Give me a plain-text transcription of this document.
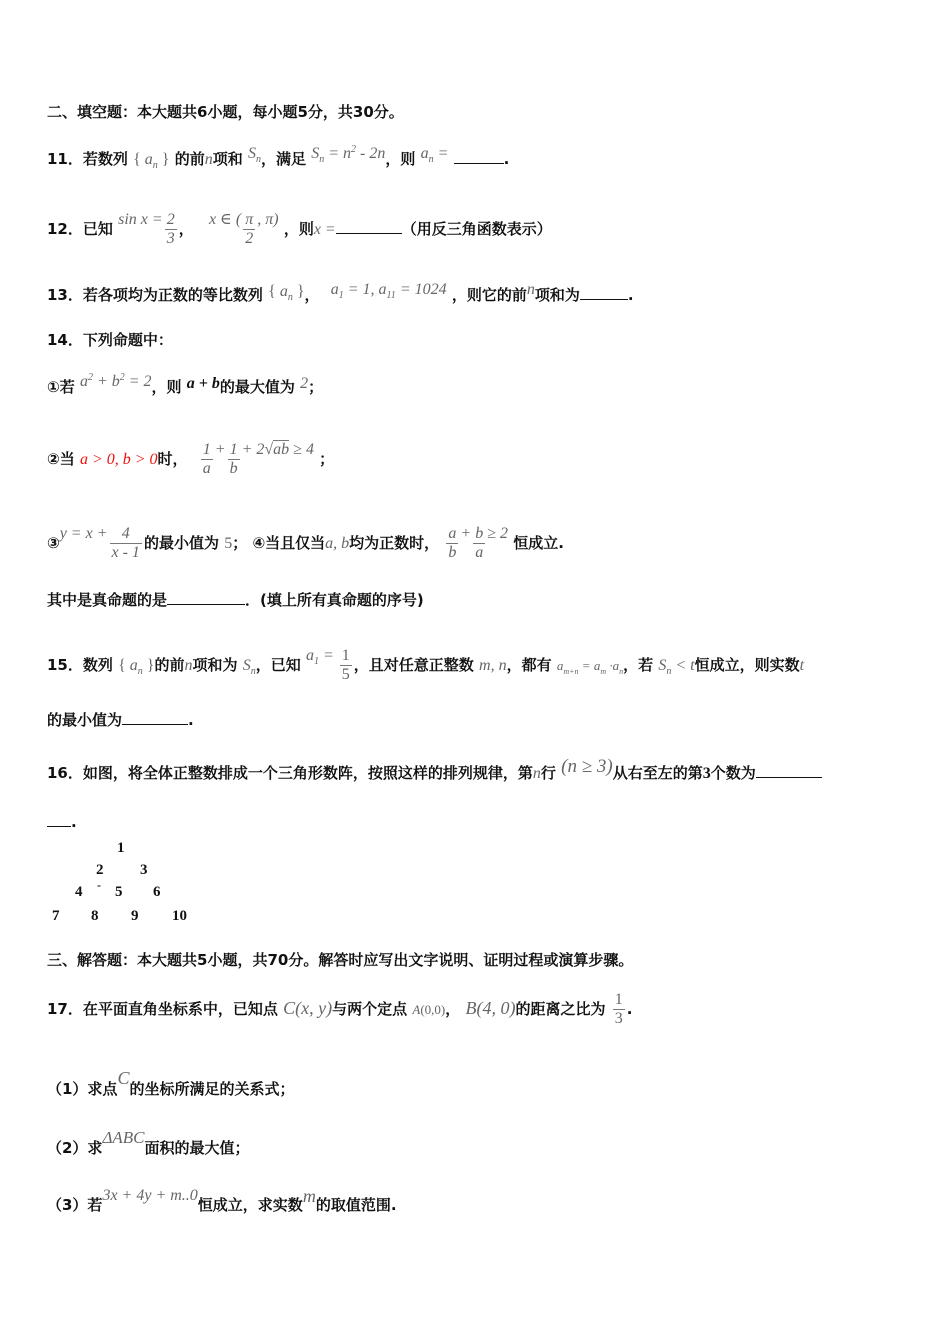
二、填空题：本大题共6小题，每小题5分，共30分。
11．若数列 { $a_n$ } 的前n项和 $S_n$，满足 $S_n = n^2 - 2n$，则 $a_n$ =	.
12．已知 $\sin x = \frac{2}{3}$ ， x ∈ ( $\frac{\pi}{2}$ , π) ，则x =	（用反三角函数表示）
13．若各项均为正数的等比数列 { $a_n$ }， $a_1 = 1$, $a_{11} = 1024$ ，则它的前n项和为	.
14．下列命题中：
①若 $a^2 + b^2 = 2$，则 a + b的最大值为 2；
②当 a > 0, b > 0时， $\frac{1}{a} + \frac{1}{b} + 2√ab \ge 4$ ；
③y = $x + \frac{4}{x - 1}$ 的最小值为 5； ④当且仅当a, b均为正数时， $\frac{a}{b} + \frac{b}{a} \ge 2$ 恒成立.
其中是真命题的是	．(填上所有真命题的序号)
15．数列 { $a_n$ }的前n项和为 $S_n$，已知 $a_1 = \frac{1}{5}$ ，且对任意正整数 m, n，都有 $a_{m+n} = a_m \cdot a_n$，若 $S_n < t$恒成立，则实数t
的最小值为	.
16．如图，将全体正整数排成一个三角形数阵，按照这样的排列规律，第n行 (n ≥ 3)从右至左的第3个数为
.
1
2 3
4 - 5 6
7 8 9 10
三、解答题：本大题共5小题，共70分。解答时应写出文字说明、证明过程或演算步骤。
17．在平面直角坐标系中，已知点 C(x, y)与两个定点 A(0,0)， B(4, 0)的距离之比为 $\frac{1}{3}$ .
（1）求点C的坐标所满足的关系式；
（2）求ΔABC面积的最大值；
（3）若3x + 4y + m..0恒成立，求实数m的取值范围.
